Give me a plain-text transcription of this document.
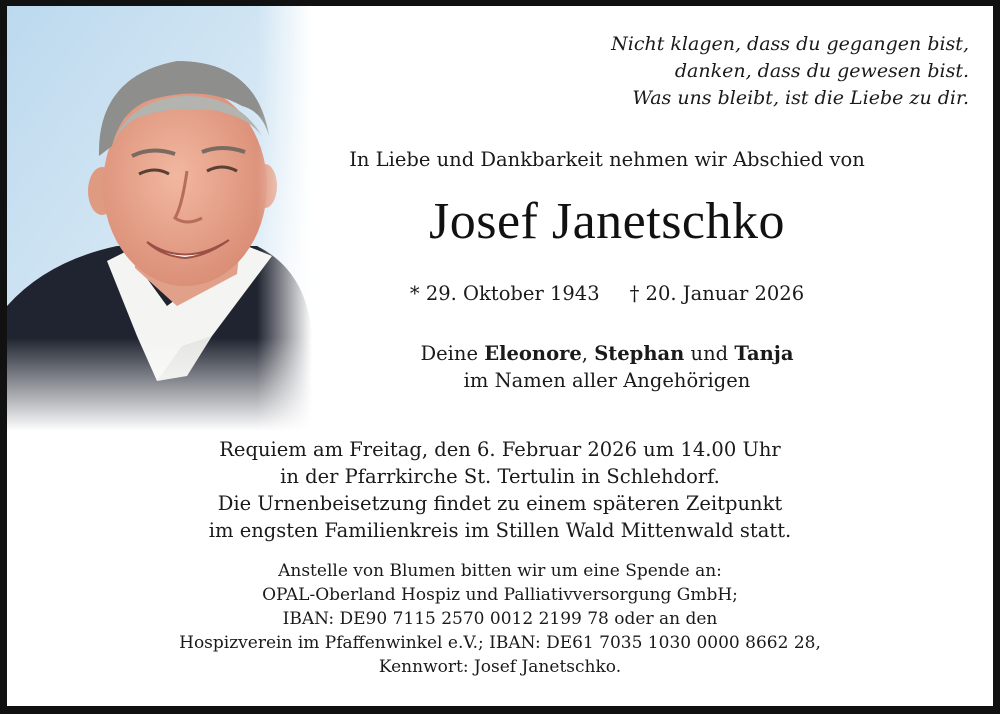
Nicht klagen, dass du gegangen bist,
danken, dass du gewesen bist.
Was uns bleibt, ist die Liebe zu dir.
In Liebe und Dankbarkeit nehmen wir Abschied von
Josef Janetschko
* 29. Oktober 1943 † 20. Januar 2026
Deine Eleonore, Stephan und Tanja
im Namen aller Angehörigen
Requiem am Freitag, den 6. Februar 2026 um 14.00 Uhr
in der Pfarrkirche St. Tertulin in Schlehdorf.
Die Urnenbeisetzung findet zu einem späteren Zeitpunkt
im engsten Familienkreis im Stillen Wald Mittenwald statt.
Anstelle von Blumen bitten wir um eine Spende an:
OPAL-Oberland Hospiz und Palliativversorgung GmbH;
IBAN: DE90 7115 2570 0012 2199 78 oder an den
Hospizverein im Pfaffenwinkel e.V.; IBAN: DE61 7035 1030 0000 8662 28,
Kennwort: Josef Janetschko.
